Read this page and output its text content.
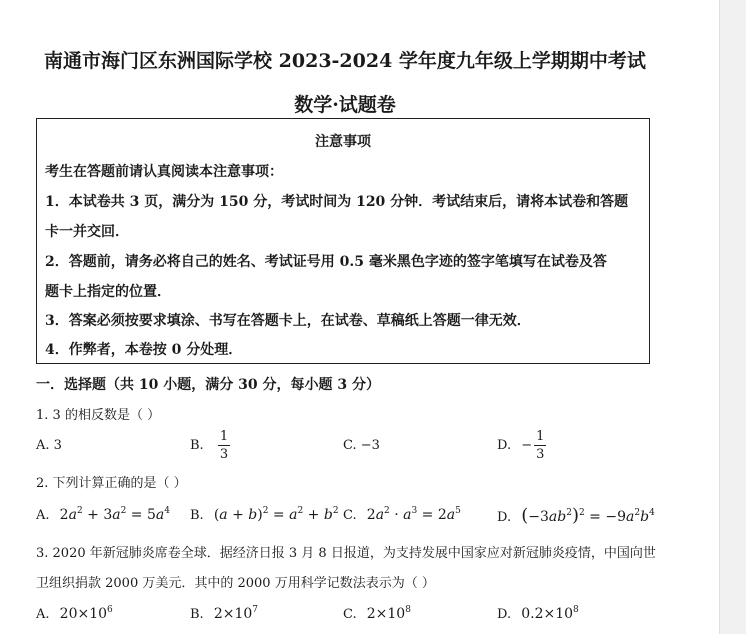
南通市海门区东洲国际学校 2023-2024 学年度九年级上学期期中考试
数学·试题卷
注意事项
考生在答题前请认真阅读本注意事项：
1．本试卷共 3 页，满分为 150 分，考试时间为 120 分钟．考试结束后，请将本试卷和答题
卡一并交回．
2．答题前，请务必将自己的姓名、考试证号用 0.5 毫米黑色字迹的签字笔填写在试卷及答
题卡上指定的位置．
3．答案必须按要求填涂、书写在答题卡上，在试卷、草稿纸上答题一律无效．
4．作弊者，本卷按 0 分处理．
一．选择题（共 10 小题，满分 30 分，每小题 3 分）
1. 3 的相反数是（ ）
A. 3	B. $\frac{1}{3}$	C. −3	D. − $\frac{1}{3}$
2. 下列计算正确的是（ ）
A. $2a^2 + 3a^2 = 5a^4$ B. $(a + b)^2 = a^2 + b^2$ C. $2a^2 \cdot a^3 = 2a^5$	D. $(-3ab^2)^2 = -9a^2b^4$
3. 2020 年新冠肺炎席卷全球．据经济日报 3 月 8 日报道，为支持发展中国家应对新冠肺炎疫情，中国向世
卫组织捐款 2000 万美元．其中的 2000 万用科学记数法表示为（ ）
A. $20\times 10^6$	B. $2\times 10^7$	C. $2\times 10^8$	D. $0.2\times 10^8$
